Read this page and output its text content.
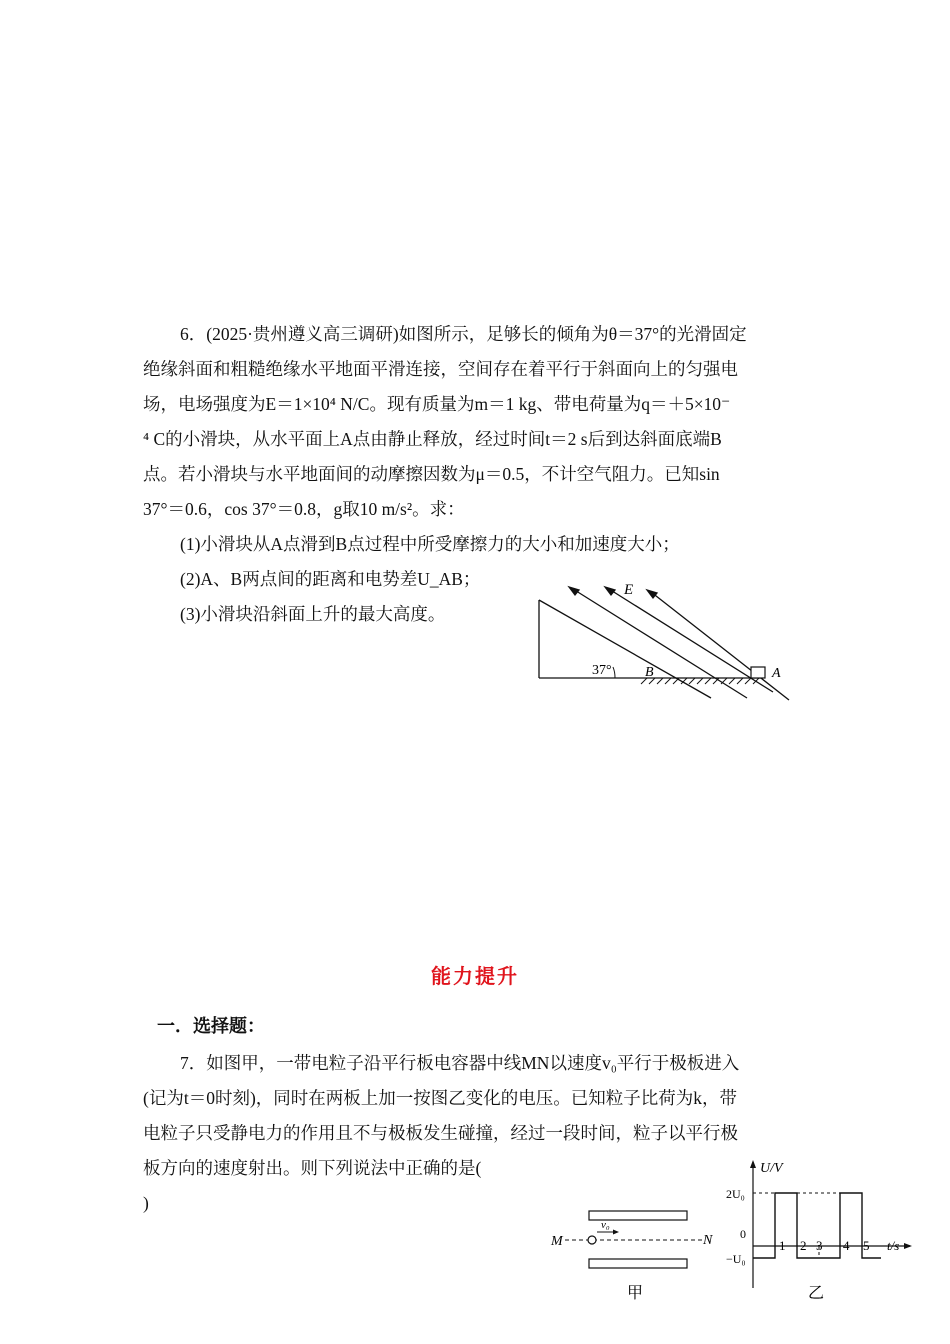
6．(2025·贵州遵义高三调研)如图所示，足够长的倾角为θ＝37°的光滑固定
绝缘斜面和粗糙绝缘水平地面平滑连接，空间存在着平行于斜面向上的匀强电
场，电场强度为E＝1×10⁴ N/C。现有质量为m＝1 kg、带电荷量为q＝＋5×10⁻
⁴ C的小滑块，从水平面上A点由静止释放，经过时间t＝2 s后到达斜面底端B
点。若小滑块与水平地面间的动摩擦因数为μ＝0.5，不计空气阻力。已知sin
37°＝0.6，cos 37°＝0.8，g取10 m/s²。求：
(1)小滑块从A点滑到B点过程中所受摩擦力的大小和加速度大小；
(2)A、B两点间的距离和电势差U_AB；
(3)小滑块沿斜面上升的最大高度。
E
37° B	A
能力提升
一．选择题：
7．如图甲，一带电粒子沿平行板电容器中线MN以速度v₀平行于极板进入
(记为t＝0时刻)，同时在两板上加一按图乙变化的电压。已知粒子比荷为k，带
电粒子只受静电力的作用且不与极板发生碰撞，经过一段时间，粒子以平行极
板方向的速度射出。则下列说法中正确的是(
)
v₀
M	N
甲
U/V
2U₀
0
−U₀
1 2 3 4 5 t/s
乙
